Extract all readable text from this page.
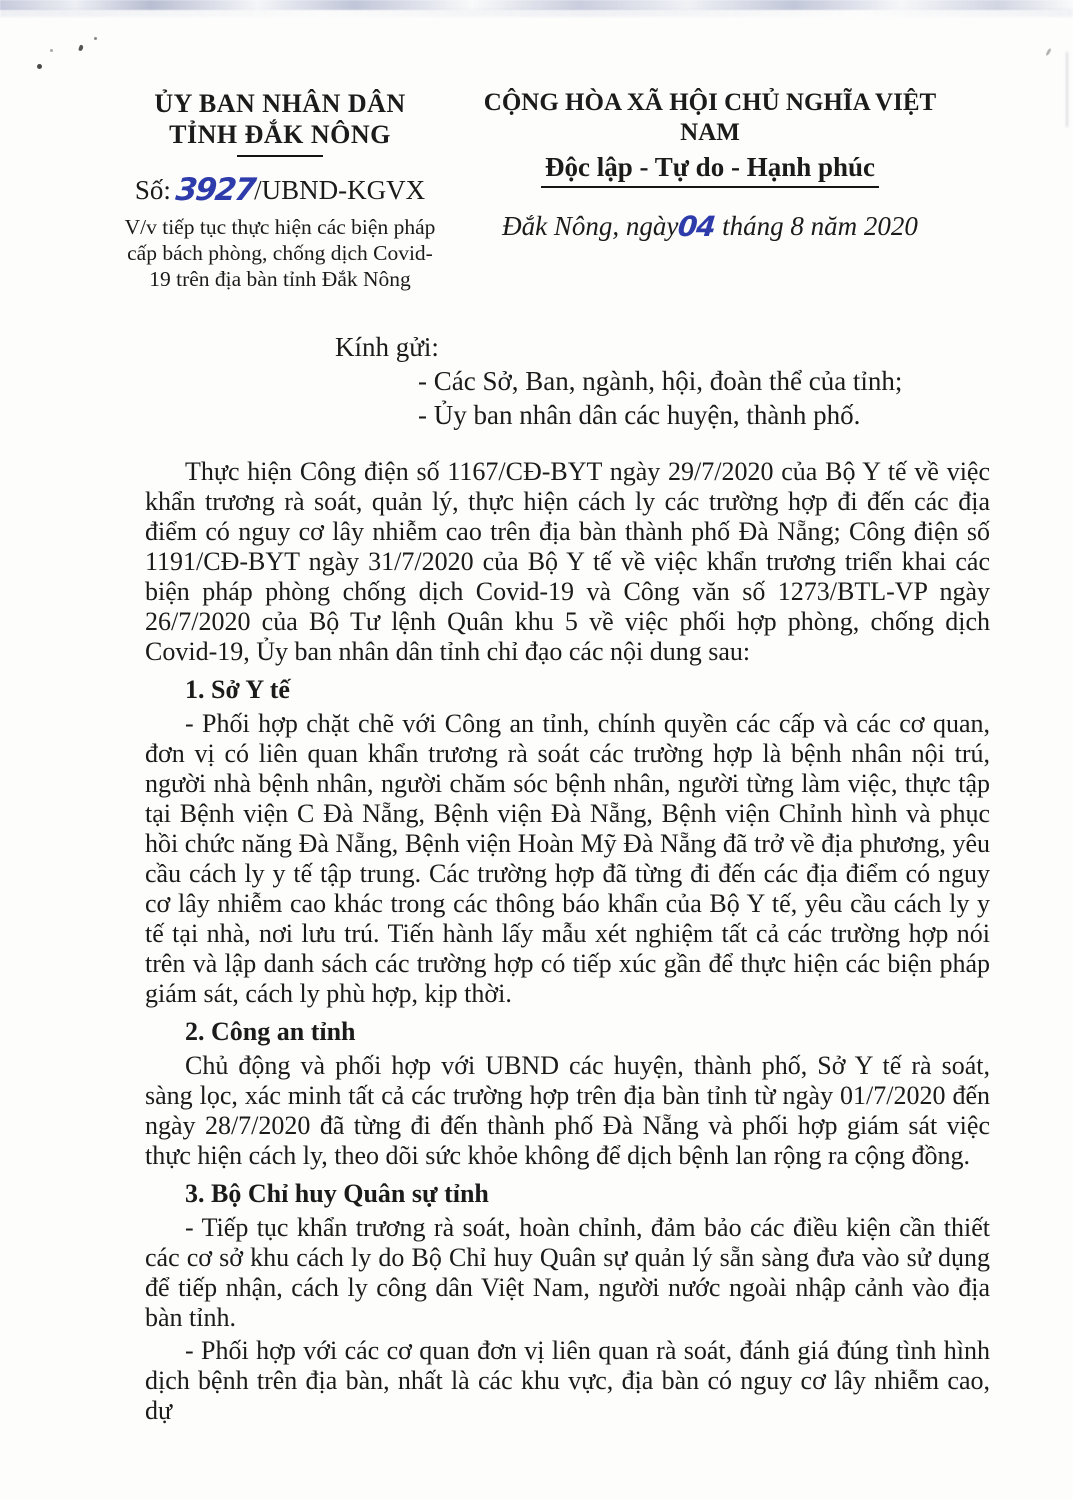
ỦY BAN NHÂN DÂN
TỈNH ĐẮK NÔNG
Số:3927/UBND-KGVX
V/v tiếp tục thực hiện các biện pháp cấp bách phòng, chống dịch Covid-19 trên địa bàn tỉnh Đắk Nông
CỘNG HÒA XÃ HỘI CHỦ NGHĨA VIỆT NAM
Độc lập - Tự do - Hạnh phúc
Đắk Nông, ngày04 tháng 8 năm 2020
Kính gửi:
- Các Sở, Ban, ngành, hội, đoàn thể của tỉnh;
- Ủy ban nhân dân các huyện, thành phố.

Thực hiện Công điện số 1167/CĐ-BYT ngày 29/7/2020 của Bộ Y tế về việc khẩn trương rà soát, quản lý, thực hiện cách ly các trường hợp đi đến các địa điểm có nguy cơ lây nhiễm cao trên địa bàn thành phố Đà Nẵng; Công điện số 1191/CĐ-BYT ngày 31/7/2020 của Bộ Y tế về việc khẩn trương triển khai các biện pháp phòng chống dịch Covid-19 và Công văn số 1273/BTL-VP ngày 26/7/2020 của Bộ Tư lệnh Quân khu 5 về việc phối hợp phòng, chống dịch Covid-19, Ủy ban nhân dân tỉnh chỉ đạo các nội dung sau:

1. Sở Y tế

- Phối hợp chặt chẽ với Công an tỉnh, chính quyền các cấp và các cơ quan, đơn vị có liên quan khẩn trương rà soát các trường hợp là bệnh nhân nội trú, người nhà bệnh nhân, người chăm sóc bệnh nhân, người từng làm việc, thực tập tại Bệnh viện C Đà Nẵng, Bệnh viện Đà Nẵng, Bệnh viện Chỉnh hình và phục hồi chức năng Đà Nẵng, Bệnh viện Hoàn Mỹ Đà Nẵng đã trở về địa phương, yêu cầu cách ly y tế tập trung. Các trường hợp đã từng đi đến các địa điểm có nguy cơ lây nhiễm cao khác trong các thông báo khẩn của Bộ Y tế, yêu cầu cách ly y tế tại nhà, nơi lưu trú. Tiến hành lấy mẫu xét nghiệm tất cả các trường hợp nói trên và lập danh sách các trường hợp có tiếp xúc gần để thực hiện các biện pháp giám sát, cách ly phù hợp, kịp thời.

2. Công an tỉnh

Chủ động và phối hợp với UBND các huyện, thành phố, Sở Y tế rà soát, sàng lọc, xác minh tất cả các trường hợp trên địa bàn tỉnh từ ngày 01/7/2020 đến ngày 28/7/2020 đã từng đi đến thành phố Đà Nẵng và phối hợp giám sát việc thực hiện cách ly, theo dõi sức khỏe không để dịch bệnh lan rộng ra cộng đồng.

3. Bộ Chỉ huy Quân sự tỉnh

- Tiếp tục khẩn trương rà soát, hoàn chỉnh, đảm bảo các điều kiện cần thiết các cơ sở khu cách ly do Bộ Chỉ huy Quân sự quản lý sẵn sàng đưa vào sử dụng để tiếp nhận, cách ly công dân Việt Nam, người nước ngoài nhập cảnh vào địa bàn tỉnh.

- Phối hợp với các cơ quan đơn vị liên quan rà soát, đánh giá đúng tình hình dịch bệnh trên địa bàn, nhất là các khu vực, địa bàn có nguy cơ lây nhiễm cao, dự
